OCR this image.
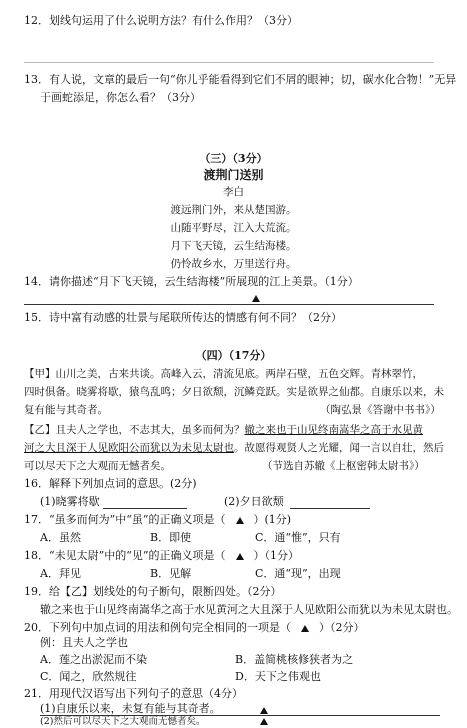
12．划线句运用了什么说明方法？有什么作用？（3分）
13．有人说，文章的最后一句“你儿乎能看得到它们不屑的眼神；切，碳水化合物！”无异
于画蛇添足，你怎么看？（3分）
（三）（3分）
渡荆门送别
李白
渡远荆门外，来从楚国游。
山随平野尽，江入大荒流。
月下飞天镜，云生结海楼。
仍怜故乡水，万里送行舟。
14．请你描述“月下飞天镜，云生结海楼”所展现的江上美景。（1分）
15．诗中富有动感的壮景与尾联所传达的情感有何不同？（2分）
（四）（17分）
【甲】山川之美，古来共谈。高峰入云，清流见底。两岸石壁，五色交辉。青林翠竹，
四时俱备。晓雾将歇，猿鸟乱鸣；夕日欲颓，沉鳞竞跃。实是欲界之仙都。自康乐以来，未
复有能与其奇者。	（陶弘景《答谢中书书》）
【乙】且夫人之学也，不志其大，虽多而何为？辙之来也于山见终南嵩华之高于水见黄
河之大且深于人见欧阳公而犹以为未见太尉也。故愿得观贤人之光耀，闻一言以自壮，然后
可以尽天下之大观而无憾者矣。	（节选自苏辙《上枢密韩太尉书》）
16．解释下列加点词的意思。(2分)
(1)晓雾将歇	(2)夕日欲颓
17．“虽多而何为”中“虽”的正确义项是（	）(1分)
A．虽然	B．即使	C．通“惟”，只有
18．“未见太尉”中的“见”的正确义项是（	）（1分）
A．拜见	B．见解	C．通“现”，出现
19．给【乙】划线处的句子断句，限断四处。（2分）
辙之来也于山见终南嵩华之高于水见黄河之大且深于人见欧阳公而犹以为未见太尉也。
20．下列句中加点词的用法和例句完全相同的一项是（	）（2分）
例：且夫人之学也
A．莲之出淤泥而不染	B．盖简桃核修狭者为之
C．闻之，欣然规往	D．天下之伟观也
21．用现代汉语写出下列句子的意思（4分）
(1)自康乐以来，未复有能与其奇者。
(2)然后可以尽天下之大观而无憾者矣。
